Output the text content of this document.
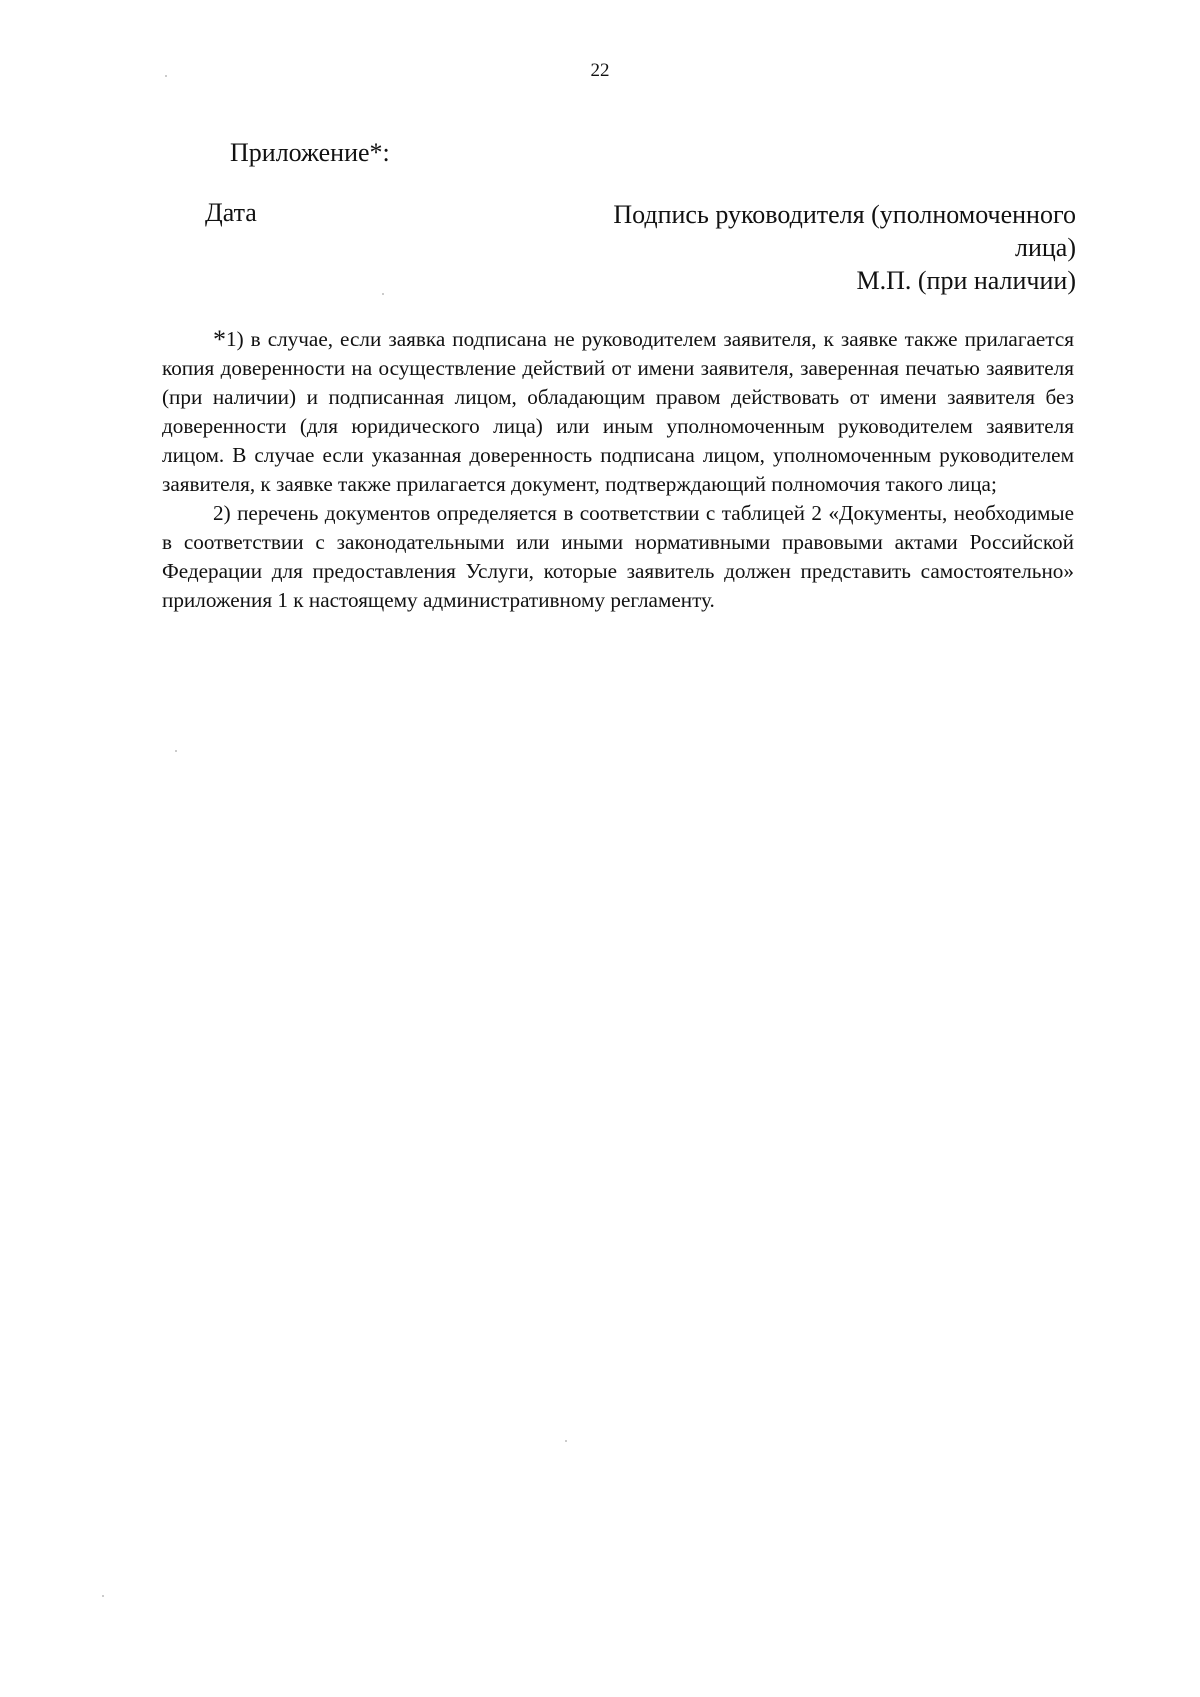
22
Приложение*:
Дата	Подпись руководителя (уполномоченного
лица)
М.П. (при наличии)

*1) в случае, если заявка подписана не руководителем заявителя, к заявке также прилагается копия доверенности на осуществление действий от имени заявителя, заверенная печатью заявителя (при наличии) и подписанная лицом, обладающим правом действовать от имени заявителя без доверенности (для юридического лица) или иным уполномоченным руководителем заявителя лицом. В случае если указанная доверенность подписана лицом, уполномоченным руководителем заявителя, к заявке также прилагается документ, подтверждающий полномочия такого лица;

2) перечень документов определяется в соответствии с таблицей 2 «Документы, необходимые в соответствии с законодательными или иными нормативными правовыми актами Российской Федерации для предоставления Услуги, которые заявитель должен представить самостоятельно» приложения 1 к настоящему административному регламенту.
